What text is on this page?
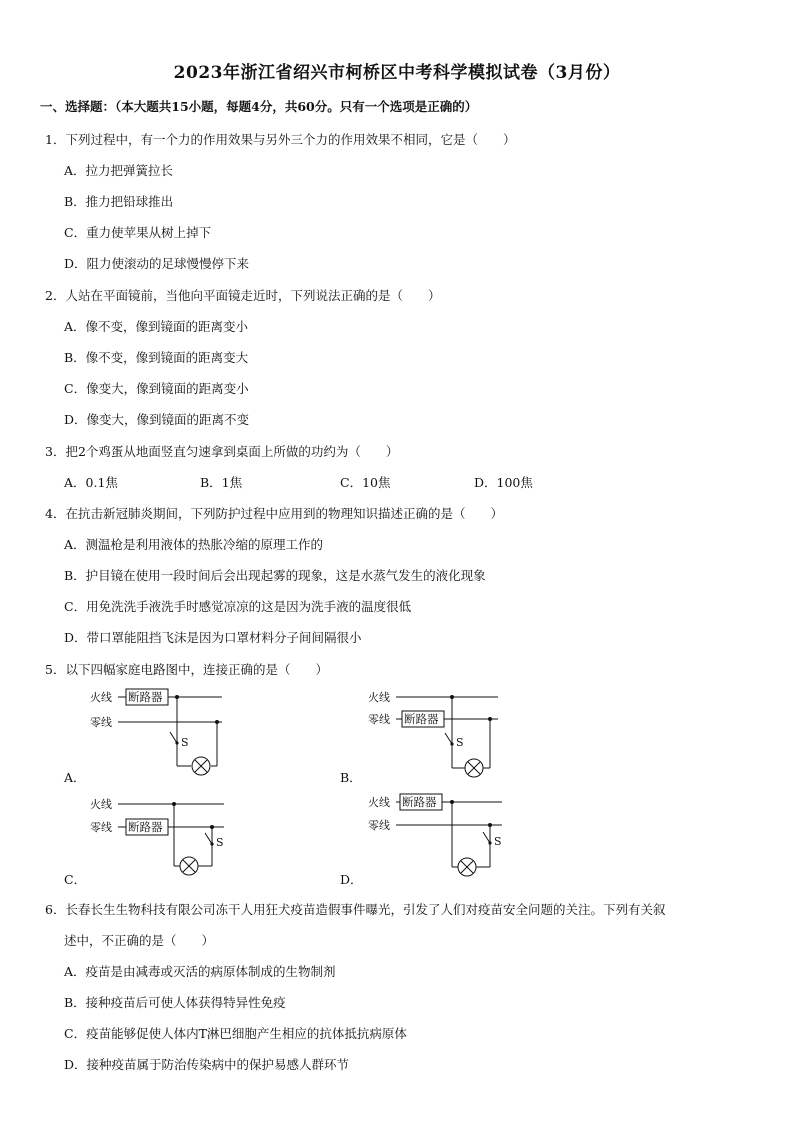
2023年浙江省绍兴市柯桥区中考科学模拟试卷（3月份）
一、选择题：（本大题共15小题，每题4分，共60分。只有一个选项是正确的）
1．下列过程中，有一个力的作用效果与另外三个力的作用效果不相同，它是（　　）
A．拉力把弹簧拉长
B．推力把铅球推出
C．重力使苹果从树上掉下
D．阻力使滚动的足球慢慢停下来
2．人站在平面镜前，当他向平面镜走近时，下列说法正确的是（　　）
A．像不变，像到镜面的距离变小
B．像不变，像到镜面的距离变大
C．像变大，像到镜面的距离变小
D．像变大，像到镜面的距离不变
3．把2个鸡蛋从地面竖直匀速拿到桌面上所做的功约为（　　）
A．0.1焦	B．1焦	C．10焦	D．100焦
4．在抗击新冠肺炎期间，下列防护过程中应用到的物理知识描述正确的是（　　）
A．测温枪是利用液体的热胀冷缩的原理工作的
B．护目镜在使用一段时间后会出现起雾的现象，这是水蒸气发生的液化现象
C．用免洗洗手液洗手时感觉凉凉的这是因为洗手液的温度很低
D．带口罩能阻挡飞沫是因为口罩材料分子间间隔很小
5．以下四幅家庭电路图中，连接正确的是（　　）
火线
零线
断路器
S
A．
火线
零线 断路器
S
B．
火线
零线 断路器
S
C．
火线
零线
断路器
S
D．
6．长春长生生物科技有限公司冻干人用狂犬疫苗造假事件曝光，引发了人们对疫苗安全问题的关注。下列有关叙
述中，不正确的是（　　）
A．疫苗是由减毒或灭活的病原体制成的生物制剂
B．接种疫苗后可使人体获得特异性免疫
C．疫苗能够促使人体内T淋巴细胞产生相应的抗体抵抗病原体
D．接种疫苗属于防治传染病中的保护易感人群环节
